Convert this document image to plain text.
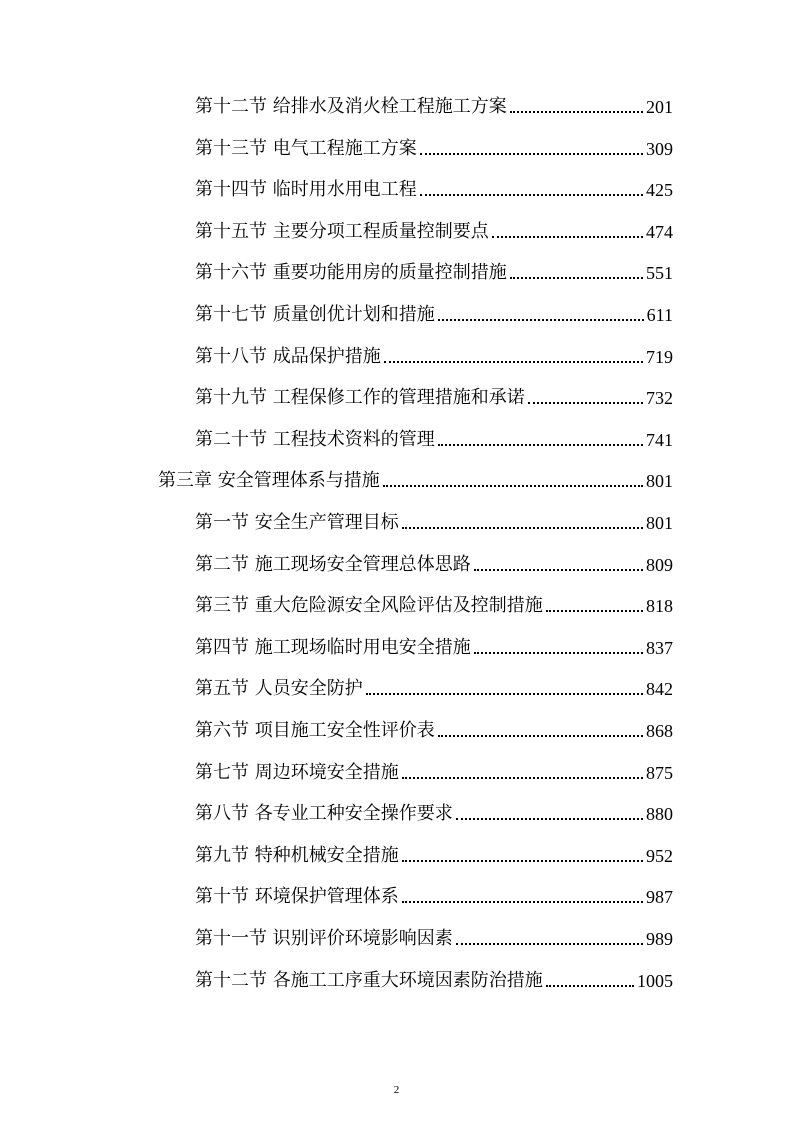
第十二节 给排水及消火栓工程施工方案	201
第十三节 电气工程施工方案	309
第十四节 临时用水用电工程	425
第十五节 主要分项工程质量控制要点	474
第十六节 重要功能用房的质量控制措施	551
第十七节 质量创优计划和措施	611
第十八节 成品保护措施	719
第十九节 工程保修工作的管理措施和承诺	732
第二十节 工程技术资料的管理	741
第三章 安全管理体系与措施	801
第一节 安全生产管理目标	801
第二节 施工现场安全管理总体思路	809
第三节 重大危险源安全风险评估及控制措施	818
第四节 施工现场临时用电安全措施	837
第五节 人员安全防护	842
第六节 项目施工安全性评价表	868
第七节 周边环境安全措施	875
第八节 各专业工种安全操作要求	880
第九节 特种机械安全措施	952
第十节 环境保护管理体系	987
第十一节 识别评价环境影响因素	989
第十二节 各施工工序重大环境因素防治措施	1005
2
